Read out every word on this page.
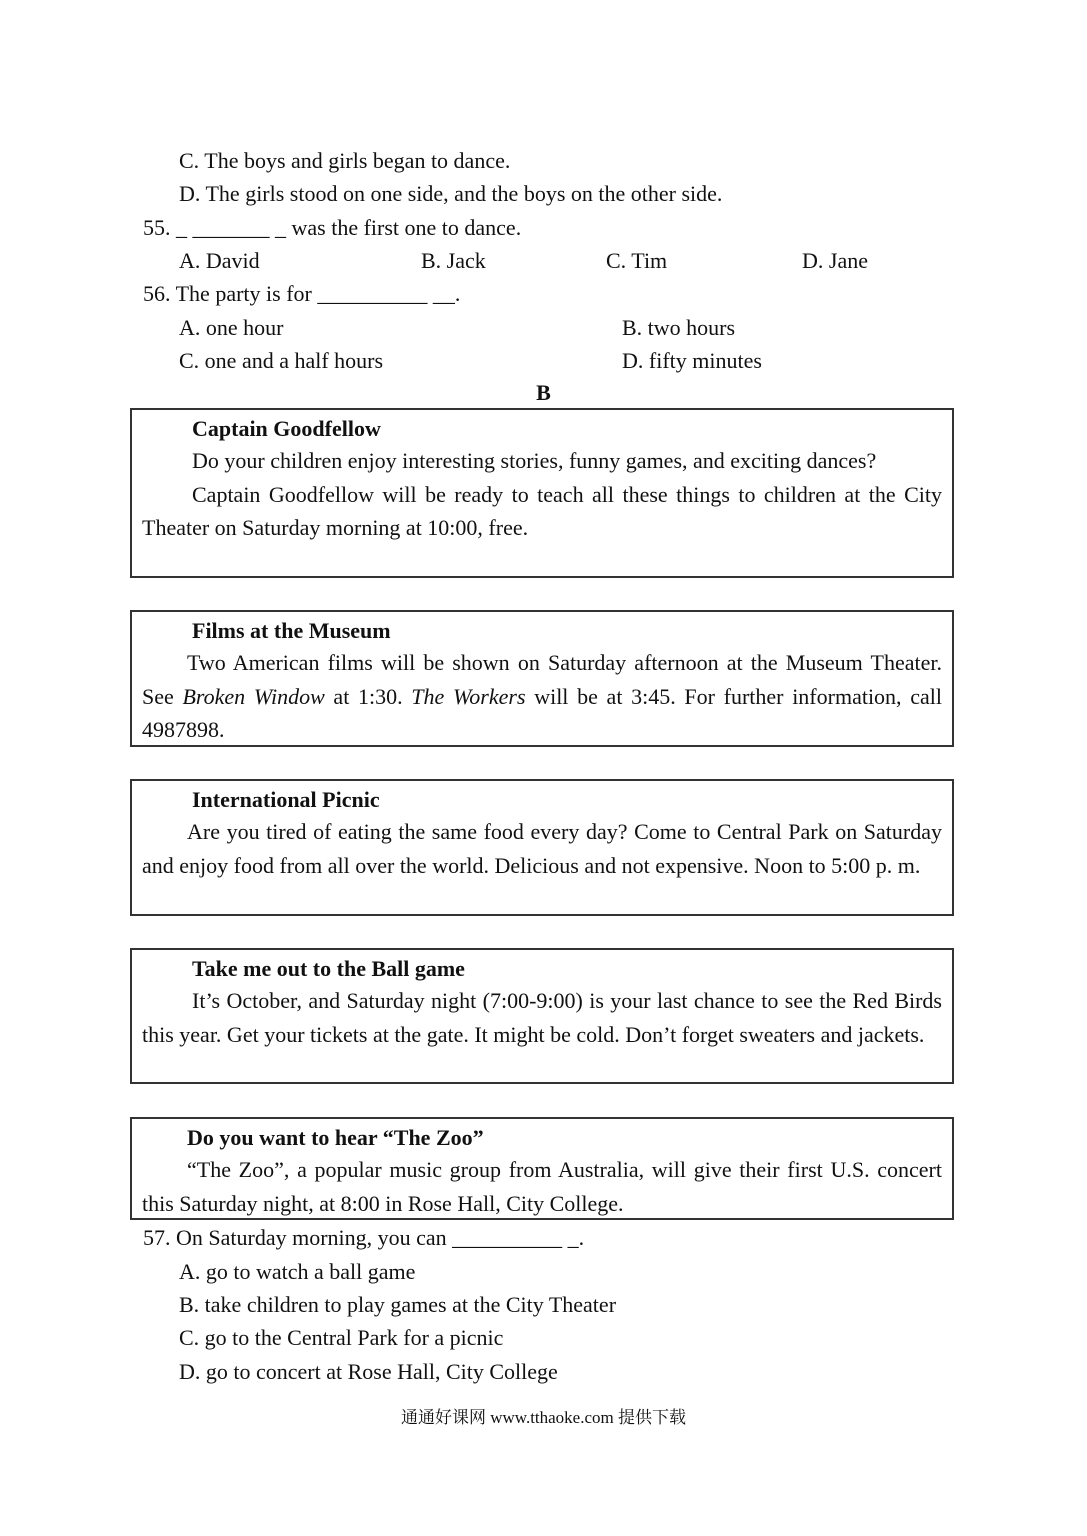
C. The boys and girls began to dance.
D. The girls stood on one side, and the boys on the other side.
55. _ _______ _ was the first one to dance.
A. David	B. Jack	C. Tim	D. Jane
56. The party is for __________ __.
A. one hour	B. two hours
C. one and a half hours	D. fifty minutes
B
Captain Goodfellow

Do your children enjoy interesting stories, funny games, and exciting dances?

Captain Goodfellow will be ready to teach all these things to children at the City Theater on Saturday morning at 10:00, free.

Films at the Museum

Two American films will be shown on Saturday afternoon at the Museum Theater. See Broken Window at 1:30. The Workers will be at 3:45. For further information, call 4987898.

International Picnic

Are you tired of eating the same food every day? Come to Central Park on Saturday and enjoy food from all over the world. Delicious and not expensive. Noon to 5:00 p. m.

Take me out to the Ball game

It’s October, and Saturday night (7:00-9:00) is your last chance to see the Red Birds this year. Get your tickets at the gate. It might be cold. Don’t forget sweaters and jackets.

Do you want to hear “The Zoo”

“The Zoo”, a popular music group from Australia, will give their first U.S. concert this Saturday night, at 8:00 in Rose Hall, City College.

57. On Saturday morning, you can __________ _.
A. go to watch a ball game
B. take children to play games at the City Theater
C. go to the Central Park for a picnic
D. go to concert at Rose Hall, City College
通通好课网 www.tthaoke.com 提供下载
